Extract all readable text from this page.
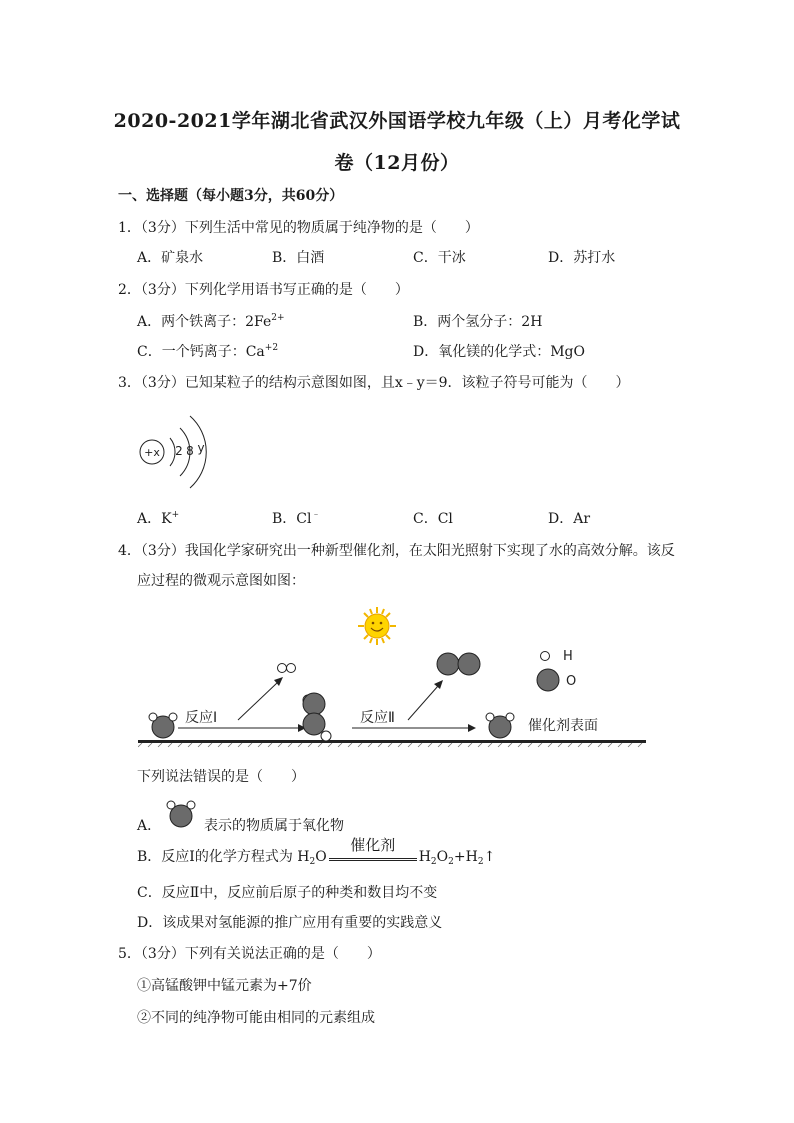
2020-2021学年湖北省武汉外国语学校九年级（上）月考化学试
卷（12月份）
一、选择题（每小题3分，共60分）
1．（3分）下列生活中常见的物质属于纯净物的是（　　）
A．矿泉水	B．白酒	C．干冰	D．苏打水
2．（3分）下列化学用语书写正确的是（　　）
A．两个铁离子：$2Fe^{2+}$	B．两个氢分子：2H
C．一个钙离子：$Ca^{+2}$	D．氧化镁的化学式：MgO
3．（3分）已知某粒子的结构示意图如图，且x﹣y＝9．该粒子符号可能为（　　）
+x 2 8 y
A．K+	B．Cl﹣	C．Cl	D．Ar
4．（3分）我国化学家研究出一种新型催化剂，在太阳光照射下实现了水的高效分解。该反
应过程的微观示意图如图：
反应Ⅰ	反应Ⅱ	催化剂表面
H
O
下列说法错误的是（　　）
A．	表示的物质属于氧化物
B．反应Ⅰ的化学方程式为 $H_2O$
催化剂
$H_2O_2+H_2↑$
C．反应Ⅱ中，反应前后原子的种类和数目均不变
D．该成果对氢能源的推广应用有重要的实践意义
5．（3分）下列有关说法正确的是（　　）
①高锰酸钾中锰元素为+7价
②不同的纯净物可能由相同的元素组成
